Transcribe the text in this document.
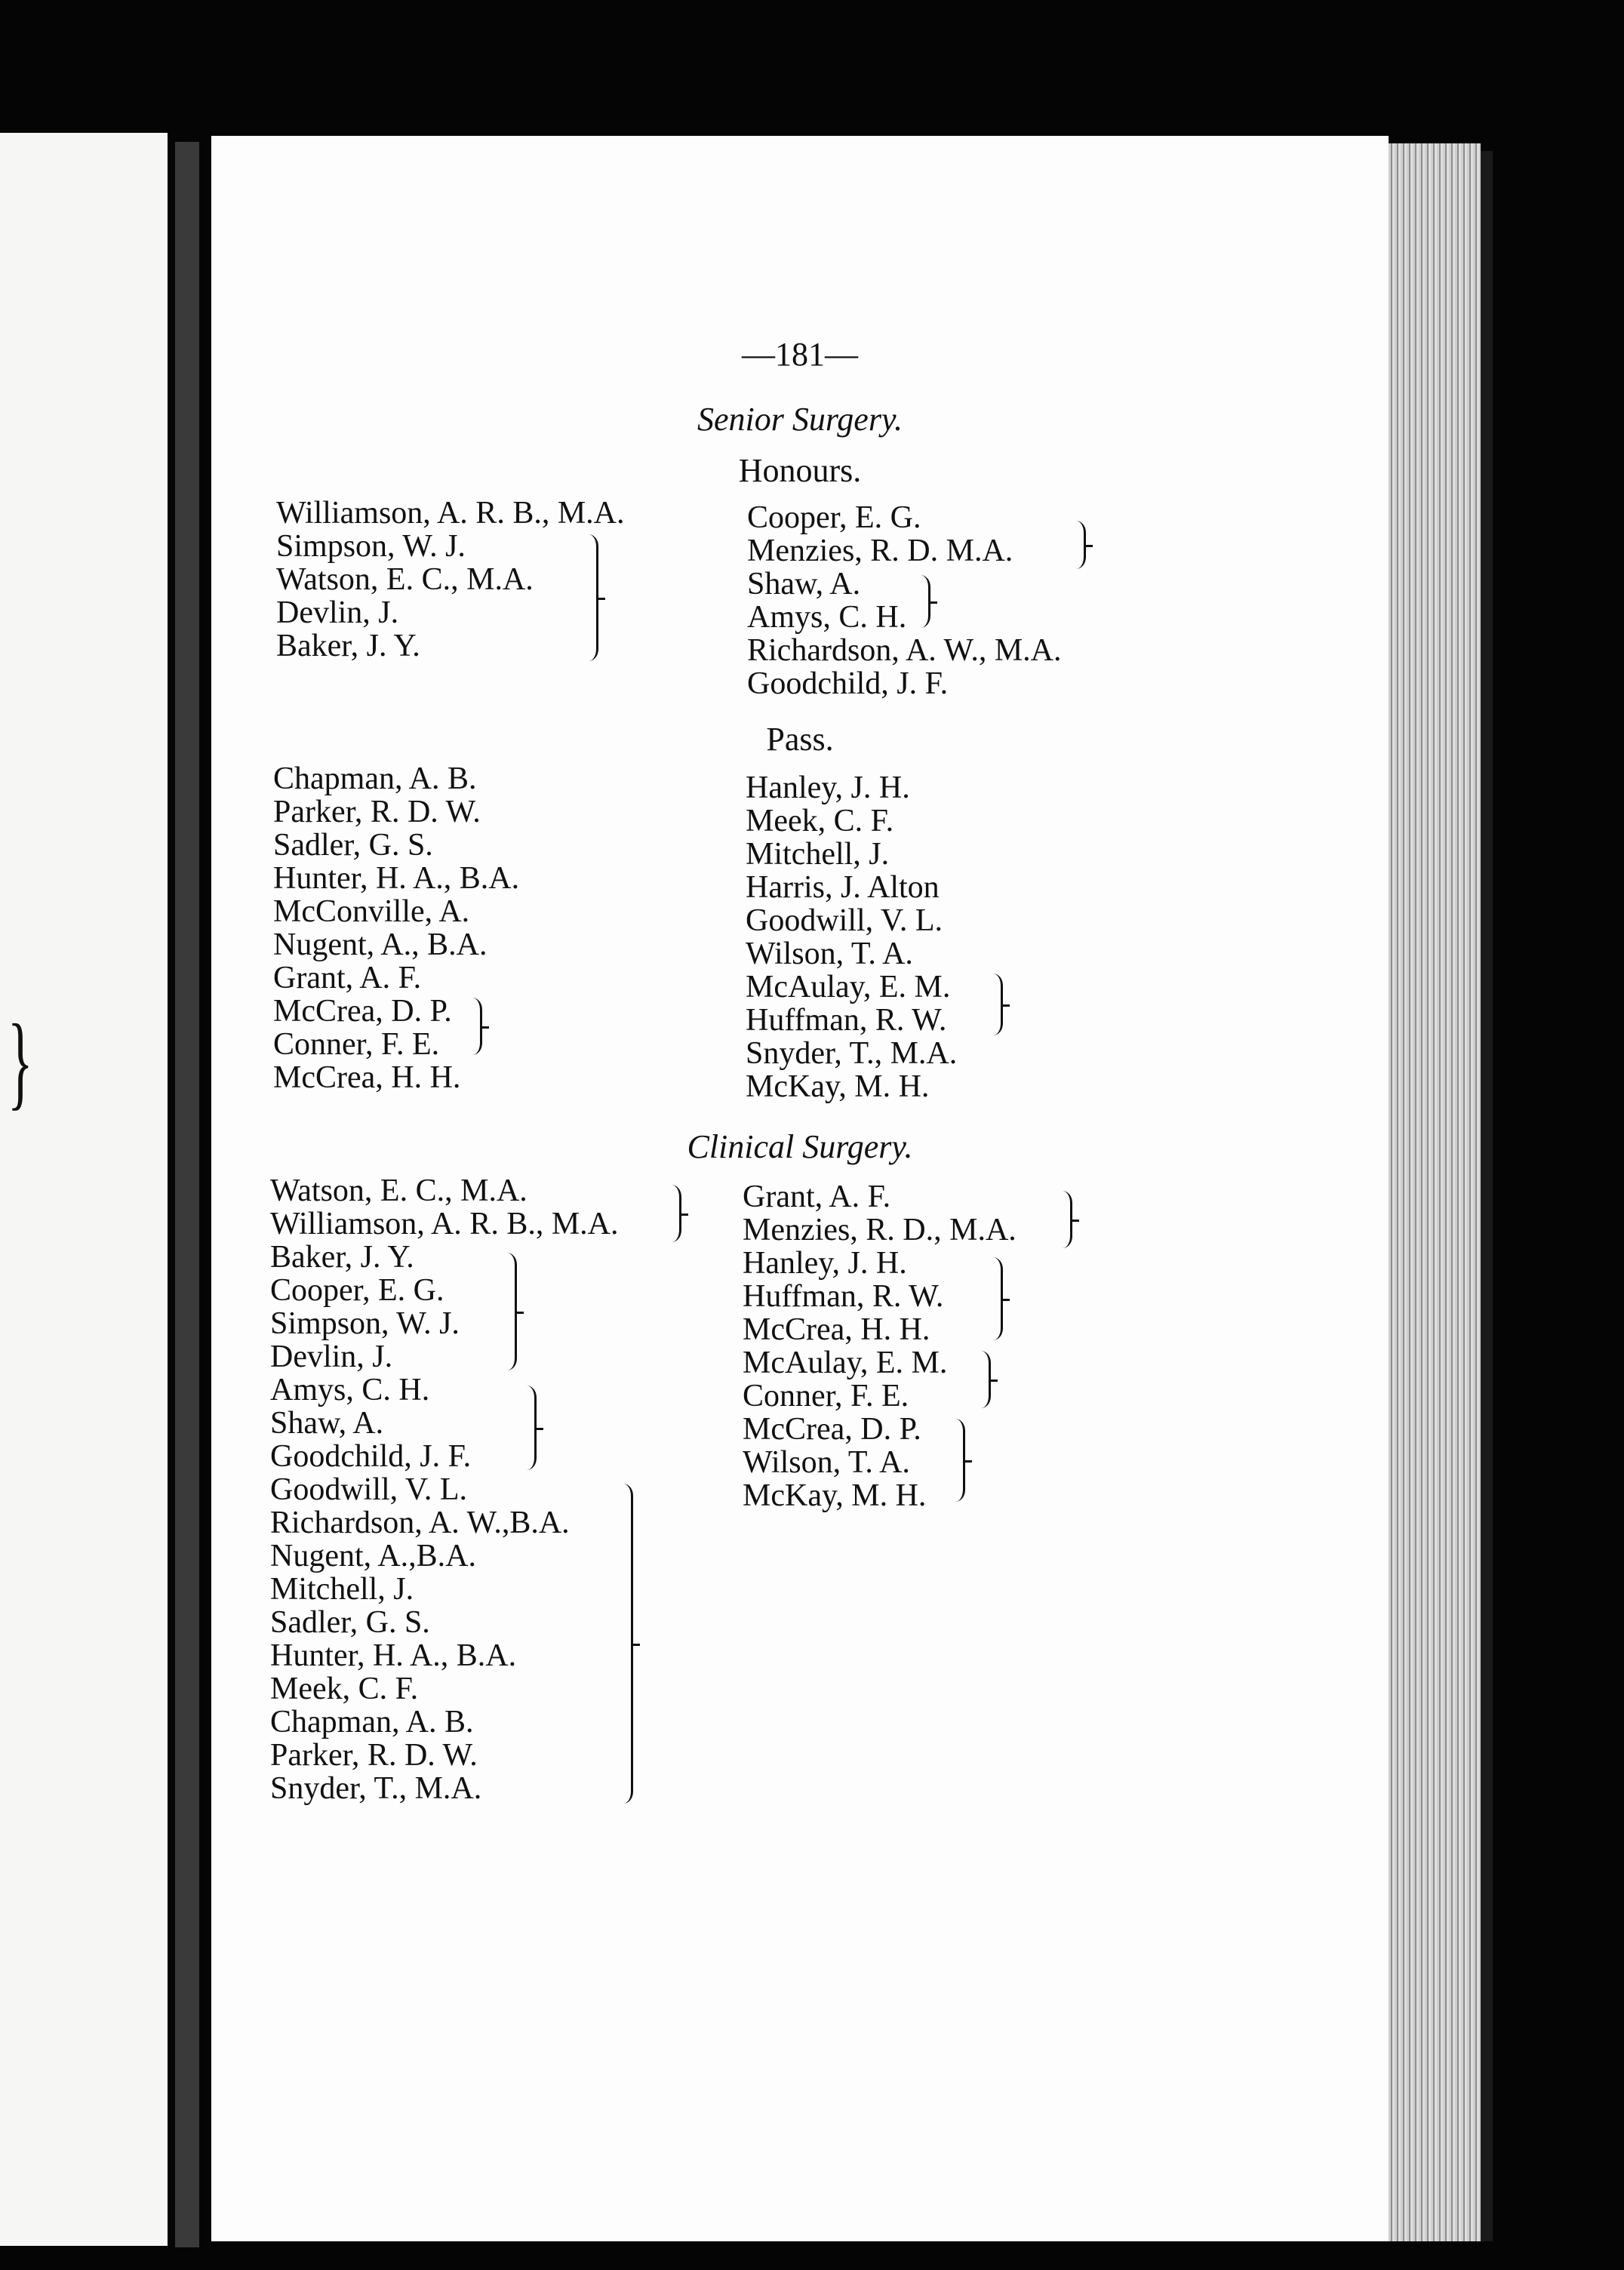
}
—181—
Senior Surgery.
Honours.
Williamson, A. R. B., M.A.
Simpson, W. J.
Watson, E. C., M.A.
Devlin, J.
Baker, J. Y.
Cooper, E. G.
Menzies, R. D. M.A.
Shaw, A.
Amys, C. H.
Richardson, A. W., M.A.
Goodchild, J. F.
Pass.
Chapman, A. B.
Parker, R. D. W.
Sadler, G. S.
Hunter, H. A., B.A.
McConville, A.
Nugent, A., B.A.
Grant, A. F.
McCrea, D. P.
Conner, F. E.
McCrea, H. H.
Hanley, J. H.
Meek, C. F.
Mitchell, J.
Harris, J. Alton
Goodwill, V. L.
Wilson, T. A.
McAulay, E. M.
Huffman, R. W.
Snyder, T., M.A.
McKay, M. H.
Clinical Surgery.
Watson, E. C., M.A.
Williamson, A. R. B., M.A.
Baker, J. Y.
Cooper, E. G.
Simpson, W. J.
Devlin, J.
Amys, C. H.
Shaw, A.
Goodchild, J. F.
Goodwill, V. L.
Richardson, A. W.,B.A.
Nugent, A.,B.A.
Mitchell, J.
Sadler, G. S.
Hunter, H. A., B.A.
Meek, C. F.
Chapman, A. B.
Parker, R. D. W.
Snyder, T., M.A.
Grant, A. F.
Menzies, R. D., M.A.
Hanley, J. H.
Huffman, R. W.
McCrea, H. H.
McAulay, E. M.
Conner, F. E.
McCrea, D. P.
Wilson, T. A.
McKay, M. H.
